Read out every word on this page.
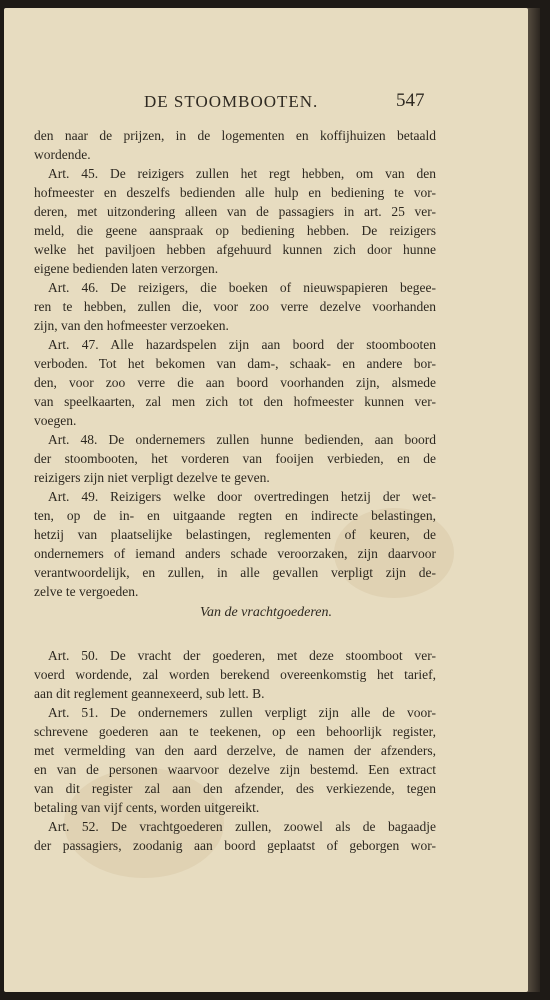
DE STOOMBOOTEN.	547
den naar de prijzen, in de logementen en koffijhuizen betaald
wordende.
Art. 45. De reizigers zullen het regt hebben, om van den
hofmeester en deszelfs bedienden alle hulp en bediening te vor-
deren, met uitzondering alleen van de passagiers in art. 25 ver-
meld, die geene aanspraak op bediening hebben. De reizigers
welke het paviljoen hebben afgehuurd kunnen zich door hunne
eigene bedienden laten verzorgen.
Art. 46. De reizigers, die boeken of nieuwspapieren begee-
ren te hebben, zullen die, voor zoo verre dezelve voorhanden
zijn, van den hofmeester verzoeken.
Art. 47. Alle hazardspelen zijn aan boord der stoombooten
verboden. Tot het bekomen van dam-, schaak- en andere bor-
den, voor zoo verre die aan boord voorhanden zijn, alsmede
van speelkaarten, zal men zich tot den hofmeester kunnen ver-
voegen.
Art. 48. De ondernemers zullen hunne bedienden, aan boord
der stoombooten, het vorderen van fooijen verbieden, en de
reizigers zijn niet verpligt dezelve te geven.
Art. 49. Reizigers welke door overtredingen hetzij der wet-
ten, op de in- en uitgaande regten en indirecte belastingen,
hetzij van plaatselijke belastingen, reglementen of keuren, de
ondernemers of iemand anders schade veroorzaken, zijn daarvoor
verantwoordelijk, en zullen, in alle gevallen verpligt zijn de-
zelve te vergoeden.
Van de vrachtgoederen.
Art. 50. De vracht der goederen, met deze stoomboot ver-
voerd wordende, zal worden berekend overeenkomstig het tarief,
aan dit reglement geannexeerd, sub lett. B.
Art. 51. De ondernemers zullen verpligt zijn alle de voor-
schrevene goederen aan te teekenen, op een behoorlijk register,
met vermelding van den aard derzelve, de namen der afzenders,
en van de personen waarvoor dezelve zijn bestemd. Een extract
van dit register zal aan den afzender, des verkiezende, tegen
betaling van vijf cents, worden uitgereikt.
Art. 52. De vrachtgoederen zullen, zoowel als de bagaadje
der passagiers, zoodanig aan boord geplaatst of geborgen wor-
